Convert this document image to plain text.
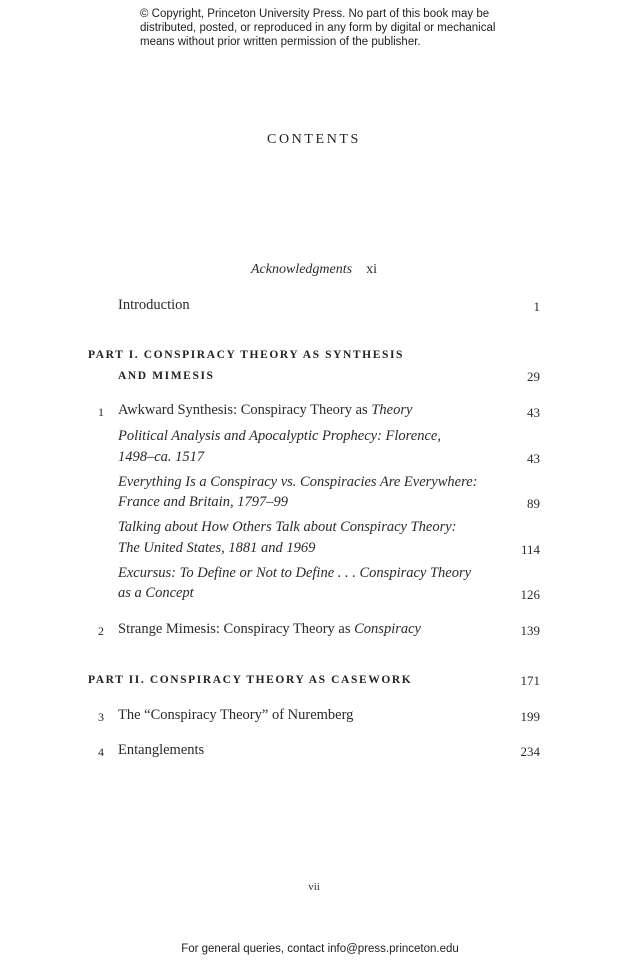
© Copyright, Princeton University Press. No part of this book may be
distributed, posted, or reproduced in any form by digital or mechanical
means without prior written permission of the publisher.
CONTENTS
Acknowledgments xi
Introduction	1
PART I. CONSPIRACY THEORY AS SYNTHESIS
AND MIMESIS	29
1 Awkward Synthesis: Conspiracy Theory as Theory	43
Political Analysis and Apocalyptic Prophecy: Florence,
1498–ca. 1517	43
Everything Is a Conspiracy vs. Conspiracies Are Everywhere:
France and Britain, 1797–99	89
Talking about How Others Talk about Conspiracy Theory:
The United States, 1881 and 1969	114
Excursus: To Define or Not to Define . . . Conspiracy Theory
as a Concept	126
2 Strange Mimesis: Conspiracy Theory as Conspiracy	139
PART II. CONSPIRACY THEORY AS CASEWORK	171
3 The “Conspiracy Theory” of Nuremberg	199
4 Entanglements	234
vii
For general queries, contact info@press.princeton.edu
